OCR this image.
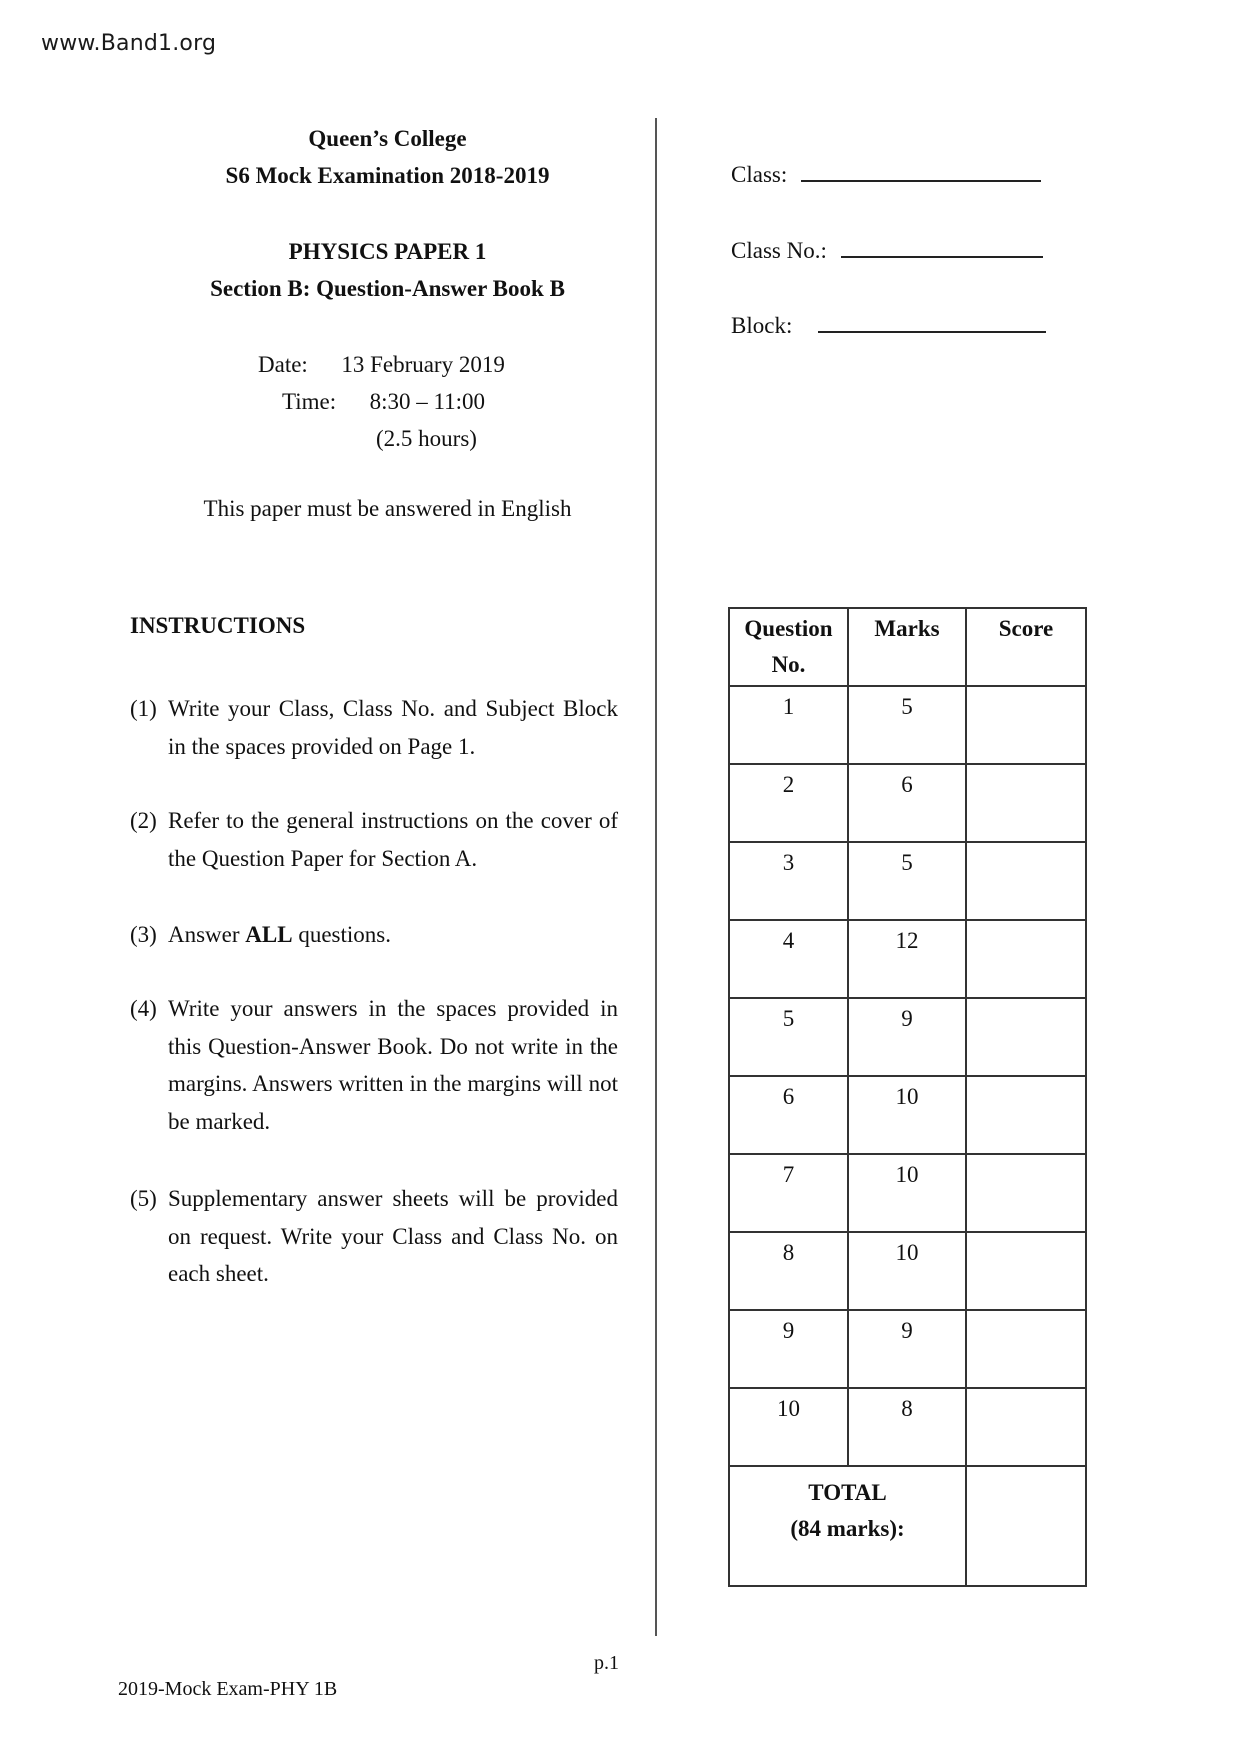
www.Band1.org
Queen’s College
S6 Mock Examination 2018-2019
PHYSICS PAPER 1
Section B: Question-Answer Book B
Date: 13 February 2019
Time: 8:30 – 11:00
(2.5 hours)
This paper must be answered in English
Class:
Class No.:
Block:
INSTRUCTIONS
(1) Write your Class, Class No. and Subject Block in the spaces provided on Page 1.
(2) Refer to the general instructions on the cover of the Question Paper for Section A.
(3) Answer ALL questions.
(4) Write your answers in the spaces provided in this Question-Answer Book. Do not write in the margins. Answers written in the margins will not be marked.
(5) Supplementary answer sheets will be provided on request. Write your Class and Class No. on each sheet.
Question No.	Marks	Score
1	5	
2	6	
3	5	
4	12	
5	9	
6	10	
7	10	
8	10	
9	9	
10	8	

TOTAL
(84 marks):		

p.1
2019-Mock Exam-PHY 1B
